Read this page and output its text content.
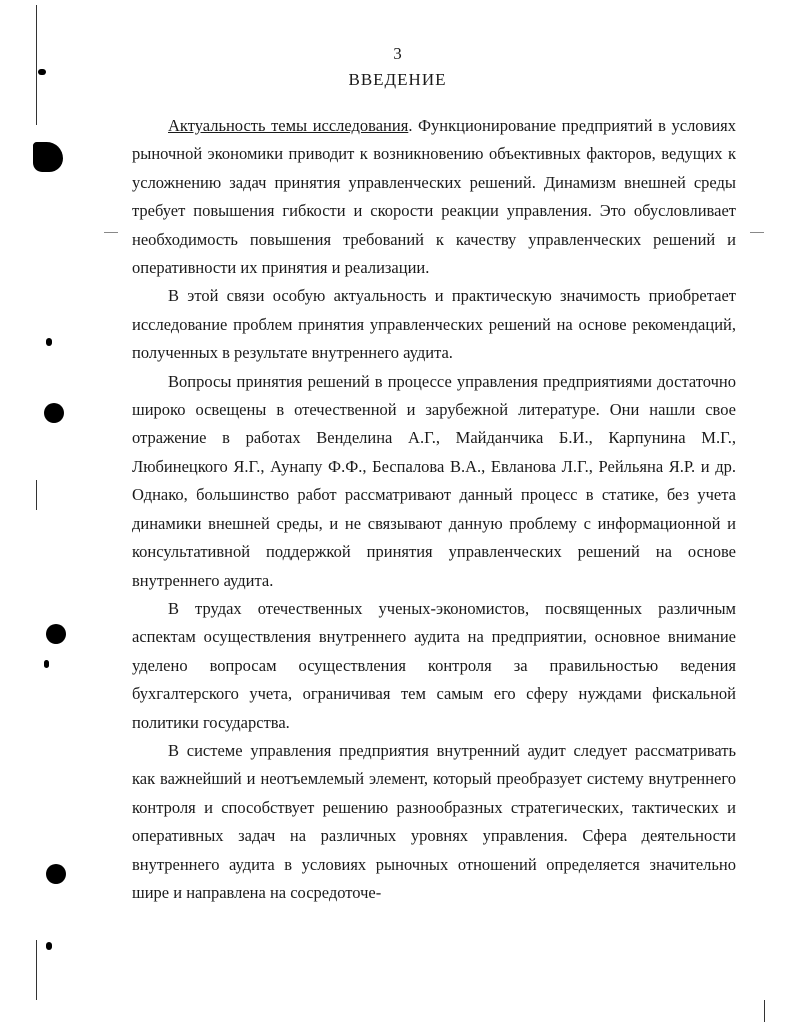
3
ВВЕДЕНИЕ

Актуальность темы исследования. Функционирование предприятий в условиях рыночной экономики приводит к возникновению объективных факторов, ведущих к усложнению задач принятия управленческих решений. Динамизм внешней среды требует повышения гибкости и скорости реакции управления. Это обусловливает необходимость повышения требований к качеству управленческих решений и оперативности их принятия и реализации.

В этой связи особую актуальность и практическую значимость приобретает исследование проблем принятия управленческих решений на основе рекомендаций, полученных в результате внутреннего аудита.

Вопросы принятия решений в процессе управления предприятиями достаточно широко освещены в отечественной и зарубежной литературе. Они нашли свое отражение в работах Венделина А.Г., Майданчика Б.И., Карпунина М.Г., Любинецкого Я.Г., Аунапу Ф.Ф., Беспалова В.А., Евланова Л.Г., Рейльяна Я.Р. и др. Однако, большинство работ рассматривают данный процесс в статике, без учета динамики внешней среды, и не связывают данную проблему с информационной и консультативной поддержкой принятия управленческих решений на основе внутреннего аудита.

В трудах отечественных ученых-экономистов, посвященных различным аспектам осуществления внутреннего аудита на предприятии, основное внимание уделено вопросам осуществления контроля за правильностью ведения бухгалтерского учета, ограничивая тем самым его сферу нуждами фискальной политики государства.

В системе управления предприятия внутренний аудит следует рассматривать как важнейший и неотъемлемый элемент, который преобразует систему внутреннего контроля и способствует решению разнообразных стратегических, тактических и оперативных задач на различных уровнях управления. Сфера деятельности внутреннего аудита в условиях рыночных отношений определяется значительно шире и направлена на сосредоточе-
